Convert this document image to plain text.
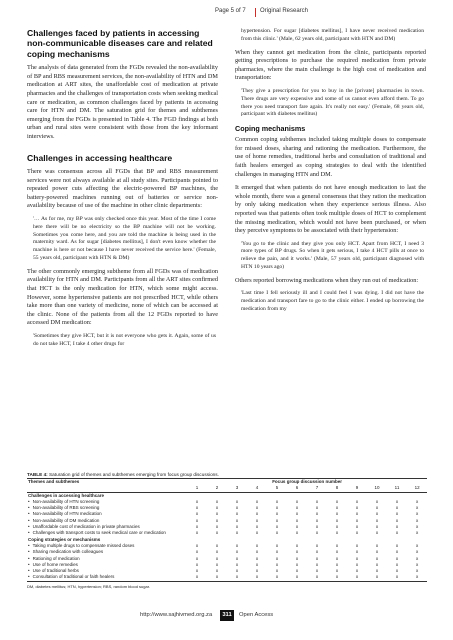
Page 5 of 7 Original Research
Challenges faced by patients in accessing non-communicable diseases care and related coping mechanisms

The analysis of data generated from the FGDs revealed the non-availability of BP and RBS measurement services, the non-availability of HTN and DM medication at ART sites, the unaffordable cost of medication at private pharmacies and the challenges of transportation costs when seeking medical care or medication, as common challenges faced by patients in accessing care for HTN and DM. The saturation grid for themes and subthemes emerging from the FGDs is presented in Table 4. The FGD findings at both urban and rural sites were consistent with those from the key informant interviews.

Challenges in accessing healthcare

There was consensus across all FGDs that BP and RBS measurement services were not always available at all study sites. Participants pointed to repeated power cuts affecting the electric-powered BP machines, the battery-powered machines running out of batteries or service non-availability because of use of the machine in other clinic departments:

'… As for me, my BP was only checked once this year. Most of the time I come here there will be no electricity so the BP machine will not be working. Sometimes you come here, and you are told the machine is being used in the maternity ward. As for sugar [diabetes mellitus], I don't even know whether the machine is here or not because I have never received the service here.' (Female, 55 years old, participant with HTN & DM)

The other commonly emerging subtheme from all FGDs was of medication availability for HTN and DM. Participants from all the ART sites confirmed that HCT is the only medication for HTN, which some might access. However, some hypertensive patients are not prescribed HCT, while others take more than one variety of medicine, none of which can be accessed at the clinic. None of the patients from all the 12 FGDs reported to have accessed DM medication:

'Sometimes they give HCT, but it is not everyone who gets it. Again, some of us do not take HCT, I take 4 other drugs for

hypertension. For sugar [diabetes mellitus], I have never received medication from this clinic.' (Male, 62 years old, participant with HTN and DM)

When they cannot get medication from the clinic, participants reported getting prescriptions to purchase the required medication from private pharmacies, where the main challenge is the high cost of medication and transportation:

'They give a prescription for you to buy in the [private] pharmacies in town. There drugs are very expensive and some of us cannot even afford them. To go there you need transport fare again. It's really not easy.' (Female, 68 years old, participant with diabetes mellitus)

Coping mechanisms

Common coping subthemes included taking multiple doses to compensate for missed doses, sharing and rationing the medication. Furthermore, the use of home remedies, traditional herbs and consultation of traditional and faith healers emerged as coping strategies to deal with the identified challenges in managing HTN and DM.

It emerged that when patients do not have enough medication to last the whole month, there was a general consensus that they ration the medication by only taking medication when they experience serious illness. Also reported was that patients often took multiple doses of HCT to complement the missing medication, which would not have been purchased, or when they perceive symptoms to be associated with their hypertension:

'You go to the clinic and they give you only HCT. Apart from HCT, I need 3 more types of BP drugs. So when it gets serious, I take 4 HCT pills at once to relieve the pain, and it works.' (Male, 57 years old, participant diagnosed with HTN 10 years ago)

Others reported borrowing medications when they run out of medication:

'Last time I fell seriously ill and I could feel I was dying. I did not have the medication and transport fare to go to the clinic either. I ended up borrowing the medication from my

TABLE 4: Saturation grid of themes and subthemes emerging from focus group discussions.
Themes and subthemes	Focus group discussion number											
	1	2	3	4	5	6	7	8	9	10	11	12
Challenges in accessing healthcare												
• Non-availability of HTN screening	x	x	x	x	x	x	x	x	x	x	x	x
• Non-availability of RBS screening	x	x	x	x	x	x	x	x	x	x	x	x
• Non-availability of HTN medication	x	x	x	x	x	x	x	x	x	x	x	x
• Non-availability of DM medication	x	x	x	x	x	x	x	x	x	x	x	x
• Unaffordable cost of medication in private pharmacies	x	x	x	x	x	x	x	x	x	x	x	x
• Challenges with transport costs to seek medical care or medication	x	x	x	x	x	x	x	x	x	x	x	x
Coping strategies or mechanisms												
• Taking multiple drugs to compensate missed doses	x	x	x	x	x	x	x	x	x	x	x	x
• Sharing medication with colleagues	x	x	x	x	x	x	x	x	x	x	x	x
• Rationing of medication	x	x	x	x	x	x	x	x	x	x	x	x
• Use of home remedies	x	x	x	x	x	x	x	x	x	x	x	x
• Use of traditional herbs	x	x	x	x	x	x	x	x	x	x	x	x
• Consultation of traditional or faith healers	x	x	x	x	x	x	x	x	x	x	x	x
DM, diabetes mellitus; HTN, hypertension; RBS, random blood sugar.
http://www.sajhivmed.org.za	311	Open Access
